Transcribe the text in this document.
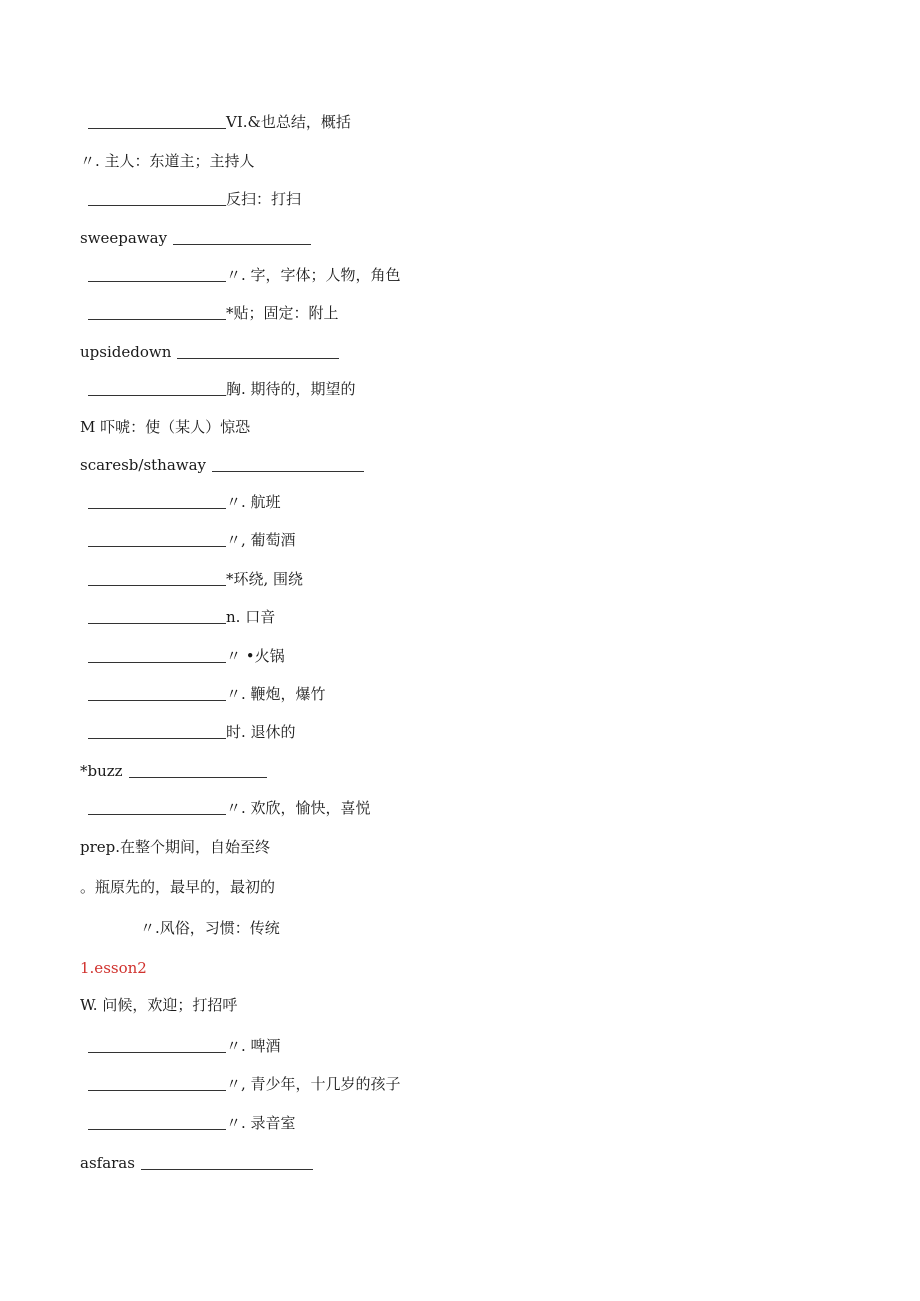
VI.&也总结，概括
〃. 主人：东道主；主持人
反扫：打扫
sweepaway
〃. 字，字体；人物，角色
*贴；固定：附上
upsidedown
胸. 期待的，期望的
M 吓唬：使（某人）惊恐
scaresb/sthaway
〃. 航班
〃, 葡萄酒
*环绕, 围绕
n. 口音
〃 •火锅
〃. 鞭炮，爆竹
时. 退休的
*buzz
〃. 欢欣，愉快，喜悦
prep.在整个期间，自始至终
。瓶原先的，最早的，最初的
〃.风俗，习惯：传统
1.esson2
W. 问候，欢迎；打招呼
〃. 啤酒
〃, 青少年，十几岁的孩子
〃. 录音室
asfaras
